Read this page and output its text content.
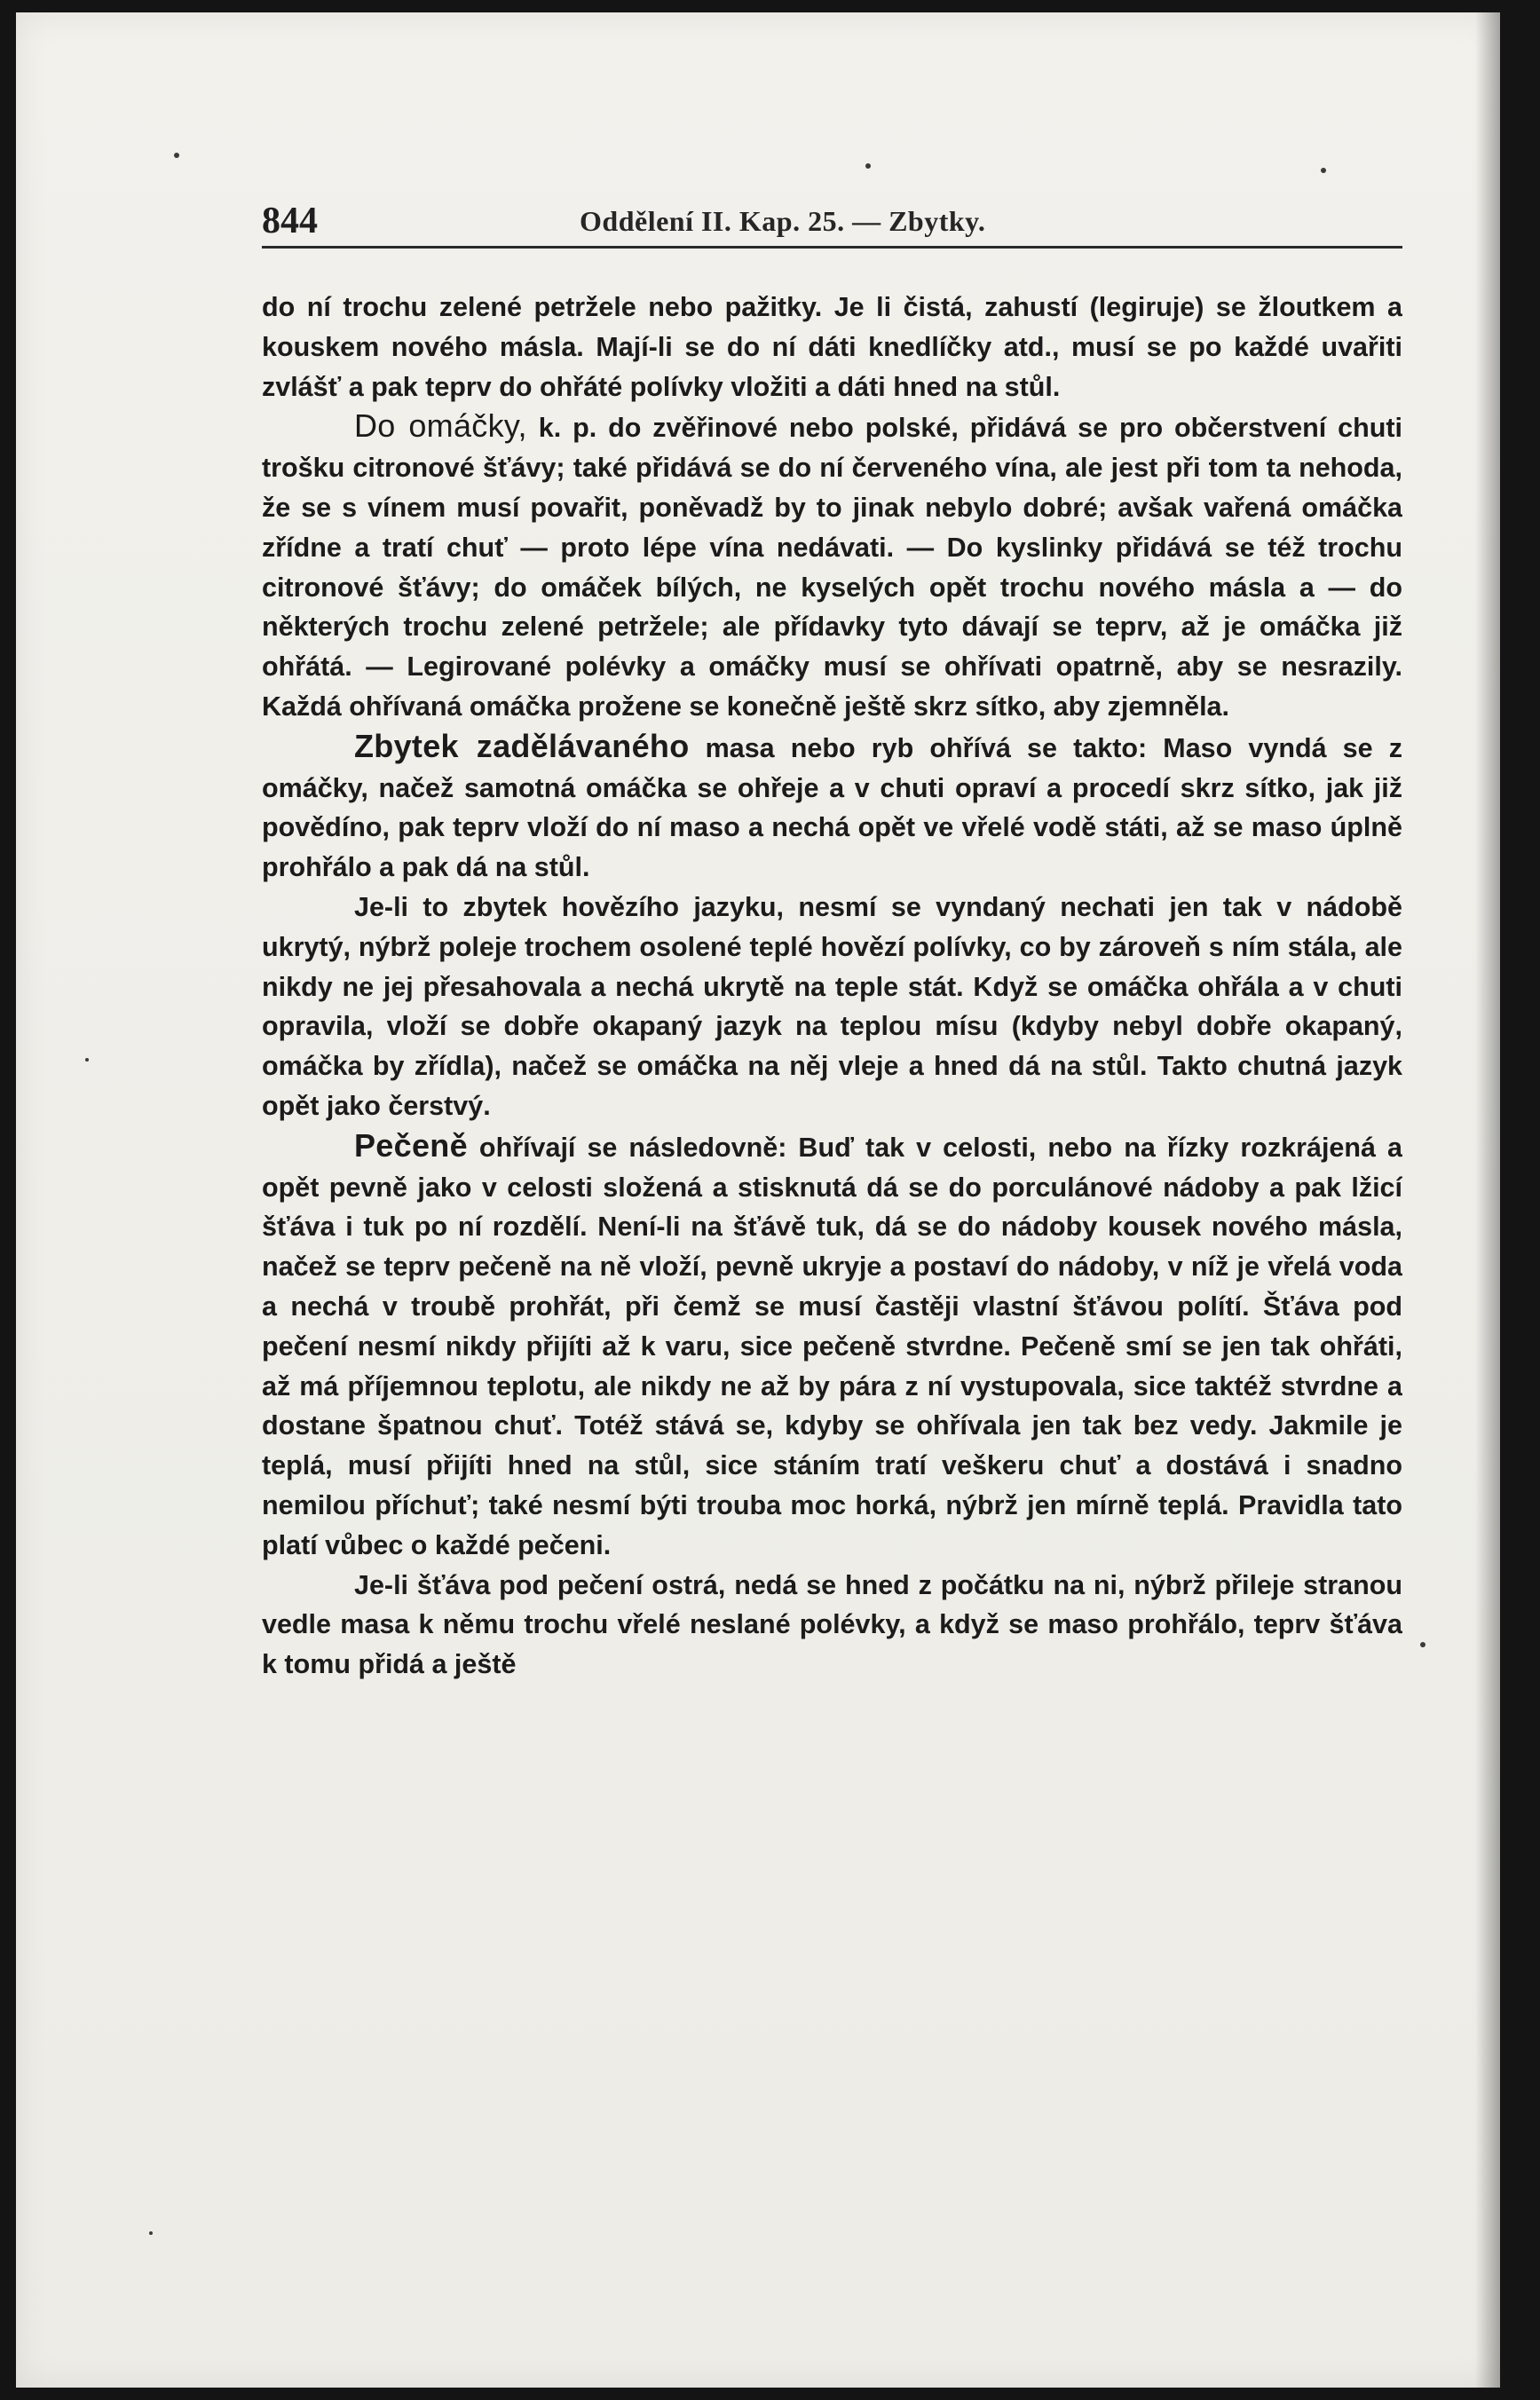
844	Oddělení II. Kap. 25. — Zbytky.

do ní trochu zelené petržele nebo pažitky. Je li čistá, zahustí (legiruje) se žloutkem a kouskem nového másla. Mají-li se do ní dáti knedlíčky atd., musí se po každé uvařiti zvlášť a pak teprv do ohřáté polívky vložiti a dáti hned na stůl.

Do omáčky, k. p. do zvěřinové nebo polské, přidává se pro občerstvení chuti trošku citronové šťávy; také přidává se do ní červeného vína, ale jest při tom ta nehoda, že se s vínem musí povařit, poněvadž by to jinak nebylo dobré; avšak vařená omáčka zřídne a tratí chuť — proto lépe vína nedávati. — Do kyslinky přidává se též trochu citronové šťávy; do omáček bílých, ne kyselých opět trochu nového másla a — do některých trochu zelené petržele; ale přídavky tyto dávají se teprv, až je omáčka již ohřátá. — Legirované polévky a omáčky musí se ohřívati opatrně, aby se nesrazily. Každá ohřívaná omáčka prožene se konečně ještě skrz sítko, aby zjemněla.

Zbytek zadělávaného masa nebo ryb ohřívá se takto: Maso vyndá se z omáčky, načež samotná omáčka se ohřeje a v chuti opraví a procedí skrz sítko, jak již povědíno, pak teprv vloží do ní maso a nechá opět ve vřelé vodě státi, až se maso úplně prohřálo a pak dá na stůl.

Je-li to zbytek hovězího jazyku, nesmí se vyndaný nechati jen tak v nádobě ukrytý, nýbrž poleje trochem osolené teplé hovězí polívky, co by zároveň s ním stála, ale nikdy ne jej přesahovala a nechá ukrytě na teple stát. Když se omáčka ohřála a v chuti opravila, vloží se dobře okapaný jazyk na teplou mísu (kdyby nebyl dobře okapaný, omáčka by zřídla), načež se omáčka na něj vleje a hned dá na stůl. Takto chutná jazyk opět jako čerstvý.

Pečeně ohřívají se následovně: Buď tak v celosti, nebo na řízky rozkrájená a opět pevně jako v celosti složená a stisknutá dá se do porculánové nádoby a pak lžicí šťáva i tuk po ní rozdělí. Není-li na šťávě tuk, dá se do nádoby kousek nového másla, načež se teprv pečeně na ně vloží, pevně ukryje a postaví do nádoby, v níž je vřelá voda a nechá v troubě prohřát, při čemž se musí častěji vlastní šťávou polítí. Šťáva pod pečení nesmí nikdy přijíti až k varu, sice pečeně stvrdne. Pečeně smí se jen tak ohřáti, až má příjemnou teplotu, ale nikdy ne až by pára z ní vystupovala, sice taktéž stvrdne a dostane špatnou chuť. Totéž stává se, kdyby se ohřívala jen tak bez vedy. Jakmile je teplá, musí přijíti hned na stůl, sice stáním tratí veškeru chuť a dostává i snadno nemilou příchuť; také nesmí býti trouba moc horká, nýbrž jen mírně teplá. Pravidla tato platí vůbec o každé pečeni.

Je-li šťáva pod pečení ostrá, nedá se hned z počátku na ni, nýbrž přileje stranou vedle masa k němu trochu vřelé neslané polévky, a když se maso prohřálo, teprv šťáva k tomu přidá a ještě
